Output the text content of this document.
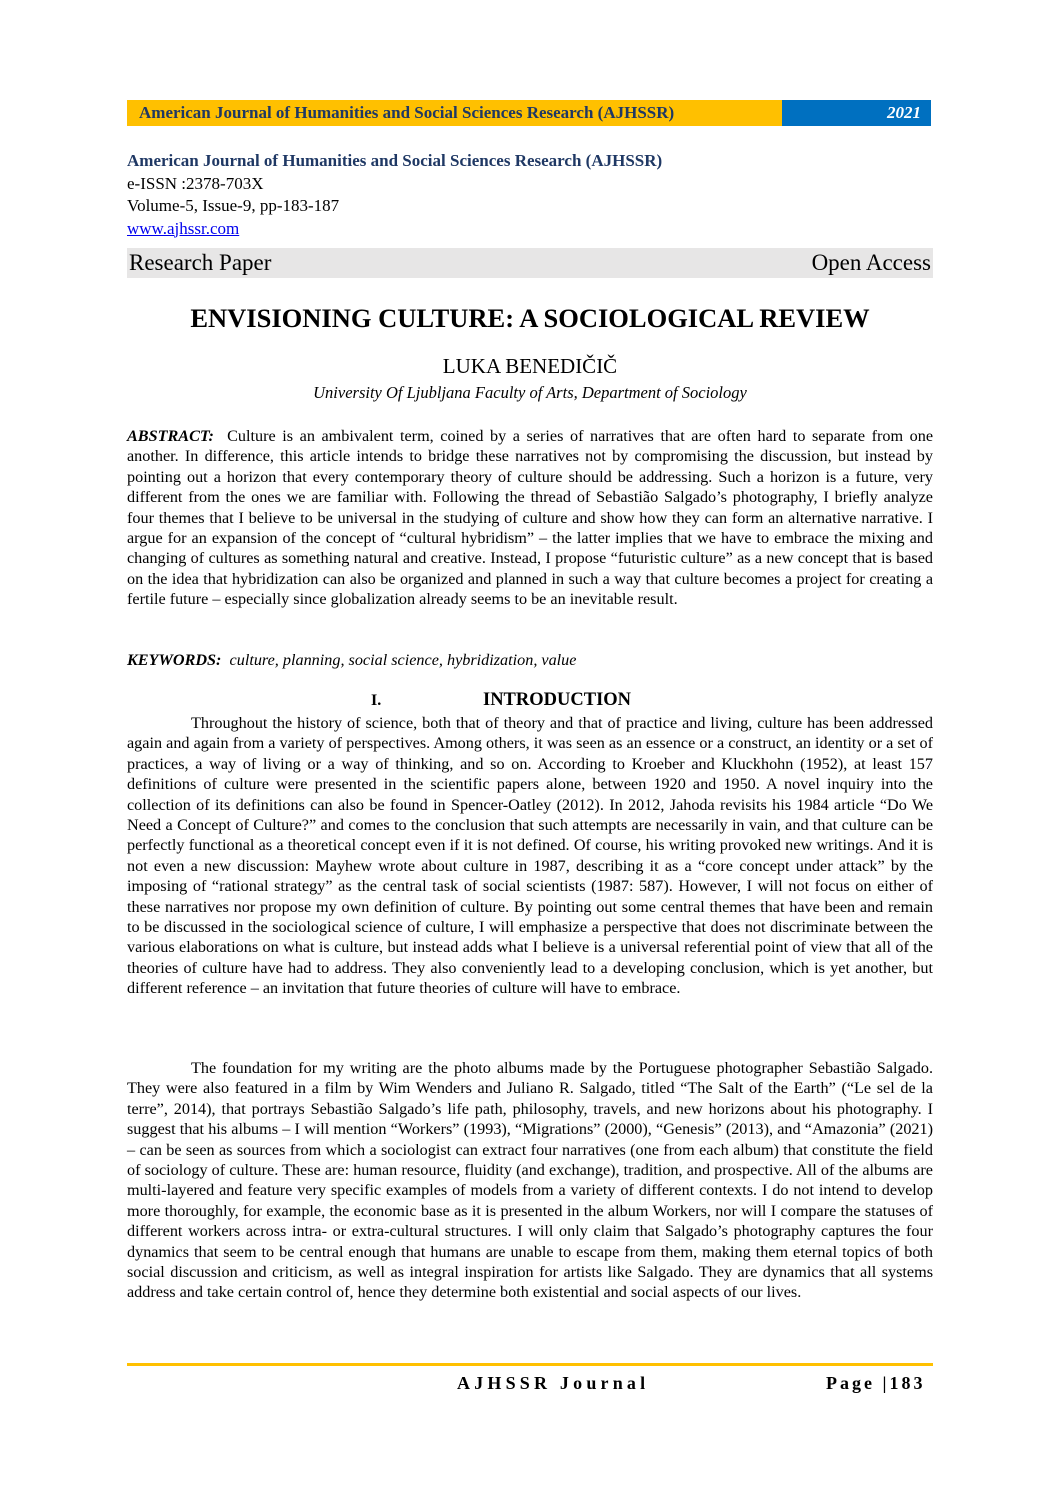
American Journal of Humanities and Social Sciences Research (AJHSSR)	2021
American Journal of Humanities and Social Sciences Research (AJHSSR)
e-ISSN :2378-703X
Volume-5, Issue-9, pp-183-187
www.ajhssr.com
Research Paper	Open Access
ENVISIONING CULTURE: A SOCIOLOGICAL REVIEW
LUKA BENEDIČIČ
University Of Ljubljana Faculty of Arts, Department of Sociology
ABSTRACT: Culture is an ambivalent term, coined by a series of narratives that are often hard to separate from one another. In difference, this article intends to bridge these narratives not by compromising the discussion, but instead by pointing out a horizon that every contemporary theory of culture should be addressing. Such a horizon is a future, very different from the ones we are familiar with. Following the thread of Sebastião Salgado’s photography, I briefly analyze four themes that I believe to be universal in the studying of culture and show how they can form an alternative narrative. I argue for an expansion of the concept of “cultural hybridism” – the latter implies that we have to embrace the mixing and changing of cultures as something natural and creative. Instead, I propose “futuristic culture” as a new concept that is based on the idea that hybridization can also be organized and planned in such a way that culture becomes a project for creating a fertile future – especially since globalization already seems to be an inevitable result.
KEYWORDS: culture, planning, social science, hybridization, value
I.	INTRODUCTION
Throughout the history of science, both that of theory and that of practice and living, culture has been addressed again and again from a variety of perspectives. Among others, it was seen as an essence or a construct, an identity or a set of practices, a way of living or a way of thinking, and so on. According to Kroeber and Kluckhohn (1952), at least 157 definitions of culture were presented in the scientific papers alone, between 1920 and 1950. A novel inquiry into the collection of its definitions can also be found in Spencer-Oatley (2012). In 2012, Jahoda revisits his 1984 article “Do We Need a Concept of Culture?” and comes to the conclusion that such attempts are necessarily in vain, and that culture can be perfectly functional as a theoretical concept even if it is not defined. Of course, his writing provoked new writings. And it is not even a new discussion: Mayhew wrote about culture in 1987, describing it as a “core concept under attack” by the imposing of “rational strategy” as the central task of social scientists (1987: 587). However, I will not focus on either of these narratives nor propose my own definition of culture. By pointing out some central themes that have been and remain to be discussed in the sociological science of culture, I will emphasize a perspective that does not discriminate between the various elaborations on what is culture, but instead adds what I believe is a universal referential point of view that all of the theories of culture have had to address. They also conveniently lead to a developing conclusion, which is yet another, but different reference – an invitation that future theories of culture will have to embrace.
The foundation for my writing are the photo albums made by the Portuguese photographer Sebastião Salgado. They were also featured in a film by Wim Wenders and Juliano R. Salgado, titled “The Salt of the Earth” (“Le sel de la terre”, 2014), that portrays Sebastião Salgado’s life path, philosophy, travels, and new horizons about his photography. I suggest that his albums – I will mention “Workers” (1993), “Migrations” (2000), “Genesis” (2013), and “Amazonia” (2021) – can be seen as sources from which a sociologist can extract four narratives (one from each album) that constitute the field of sociology of culture. These are: human resource, fluidity (and exchange), tradition, and prospective. All of the albums are multi-layered and feature very specific examples of models from a variety of different contexts. I do not intend to develop more thoroughly, for example, the economic base as it is presented in the album Workers, nor will I compare the statuses of different workers across intra- or extra-cultural structures. I will only claim that Salgado’s photography captures the four dynamics that seem to be central enough that humans are unable to escape from them, making them eternal topics of both social discussion and criticism, as well as integral inspiration for artists like Salgado. They are dynamics that all systems address and take certain control of, hence they determine both existential and social aspects of our lives.
AJHSSR Journal	Page |183
